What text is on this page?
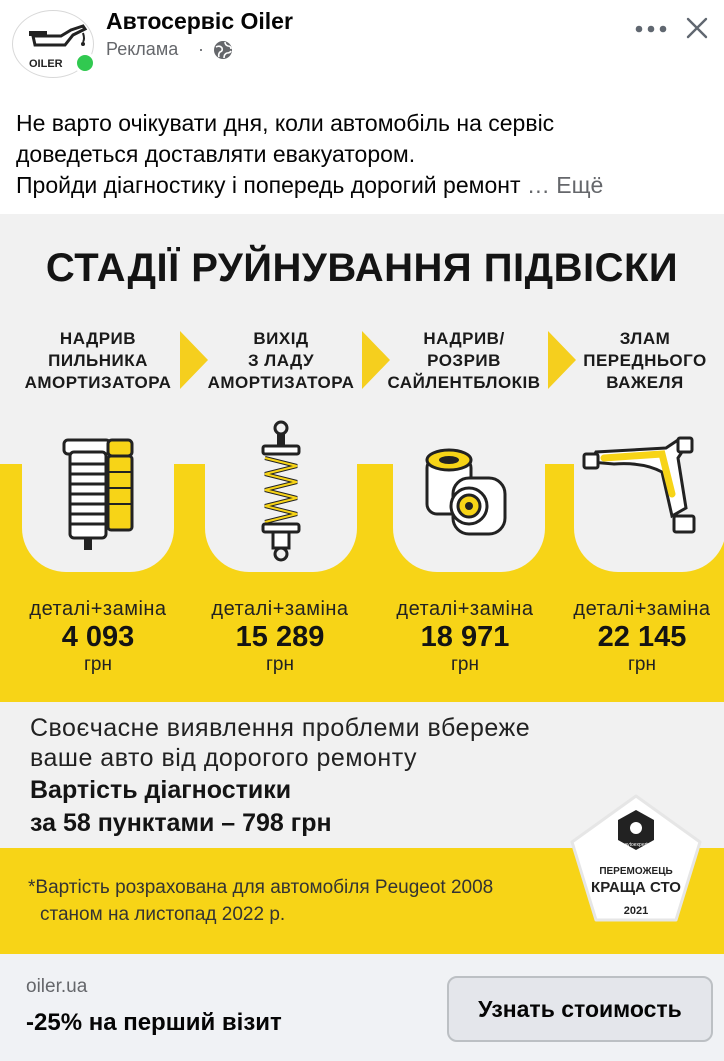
OILER
Автосервіс Oiler
Реклама ·
Не варто очікувати дня, коли автомобіль на сервіс
доведеться доставляти евакуатором.
Пройди діагностику і попередь дорогий ремонт … Ещё
СТАДІЇ РУЙНУВАННЯ ПІДВІСКИ
НАДРИВ
ПИЛЬНИКА
АМОРТИЗАТОРА
ВИХІД
З ЛАДУ
АМОРТИЗАТОРА
НАДРИВ/
РОЗРИВ
САЙЛЕНТБЛОКІВ
ЗЛАМ
ПЕРЕДНЬОГО
ВАЖЕЛЯ
деталі+заміна
4 093
грн
деталі+заміна
15 289
грн
деталі+заміна
18 971
грн
деталі+заміна
22 145
грн
Своєчасне виявлення проблеми вбереже
ваше авто від дорогого ремонту
Вартість діагностики
за 58 пунктами – 798 грн
*Вартість розрахована для автомобіля Peugeot 2008
станом на листопад 2022 р.
avtoexpert
ПЕРЕМОЖЕЦЬ
КРАЩА СТО
2021
oiler.ua
-25% на перший візит
Узнать стоимость
